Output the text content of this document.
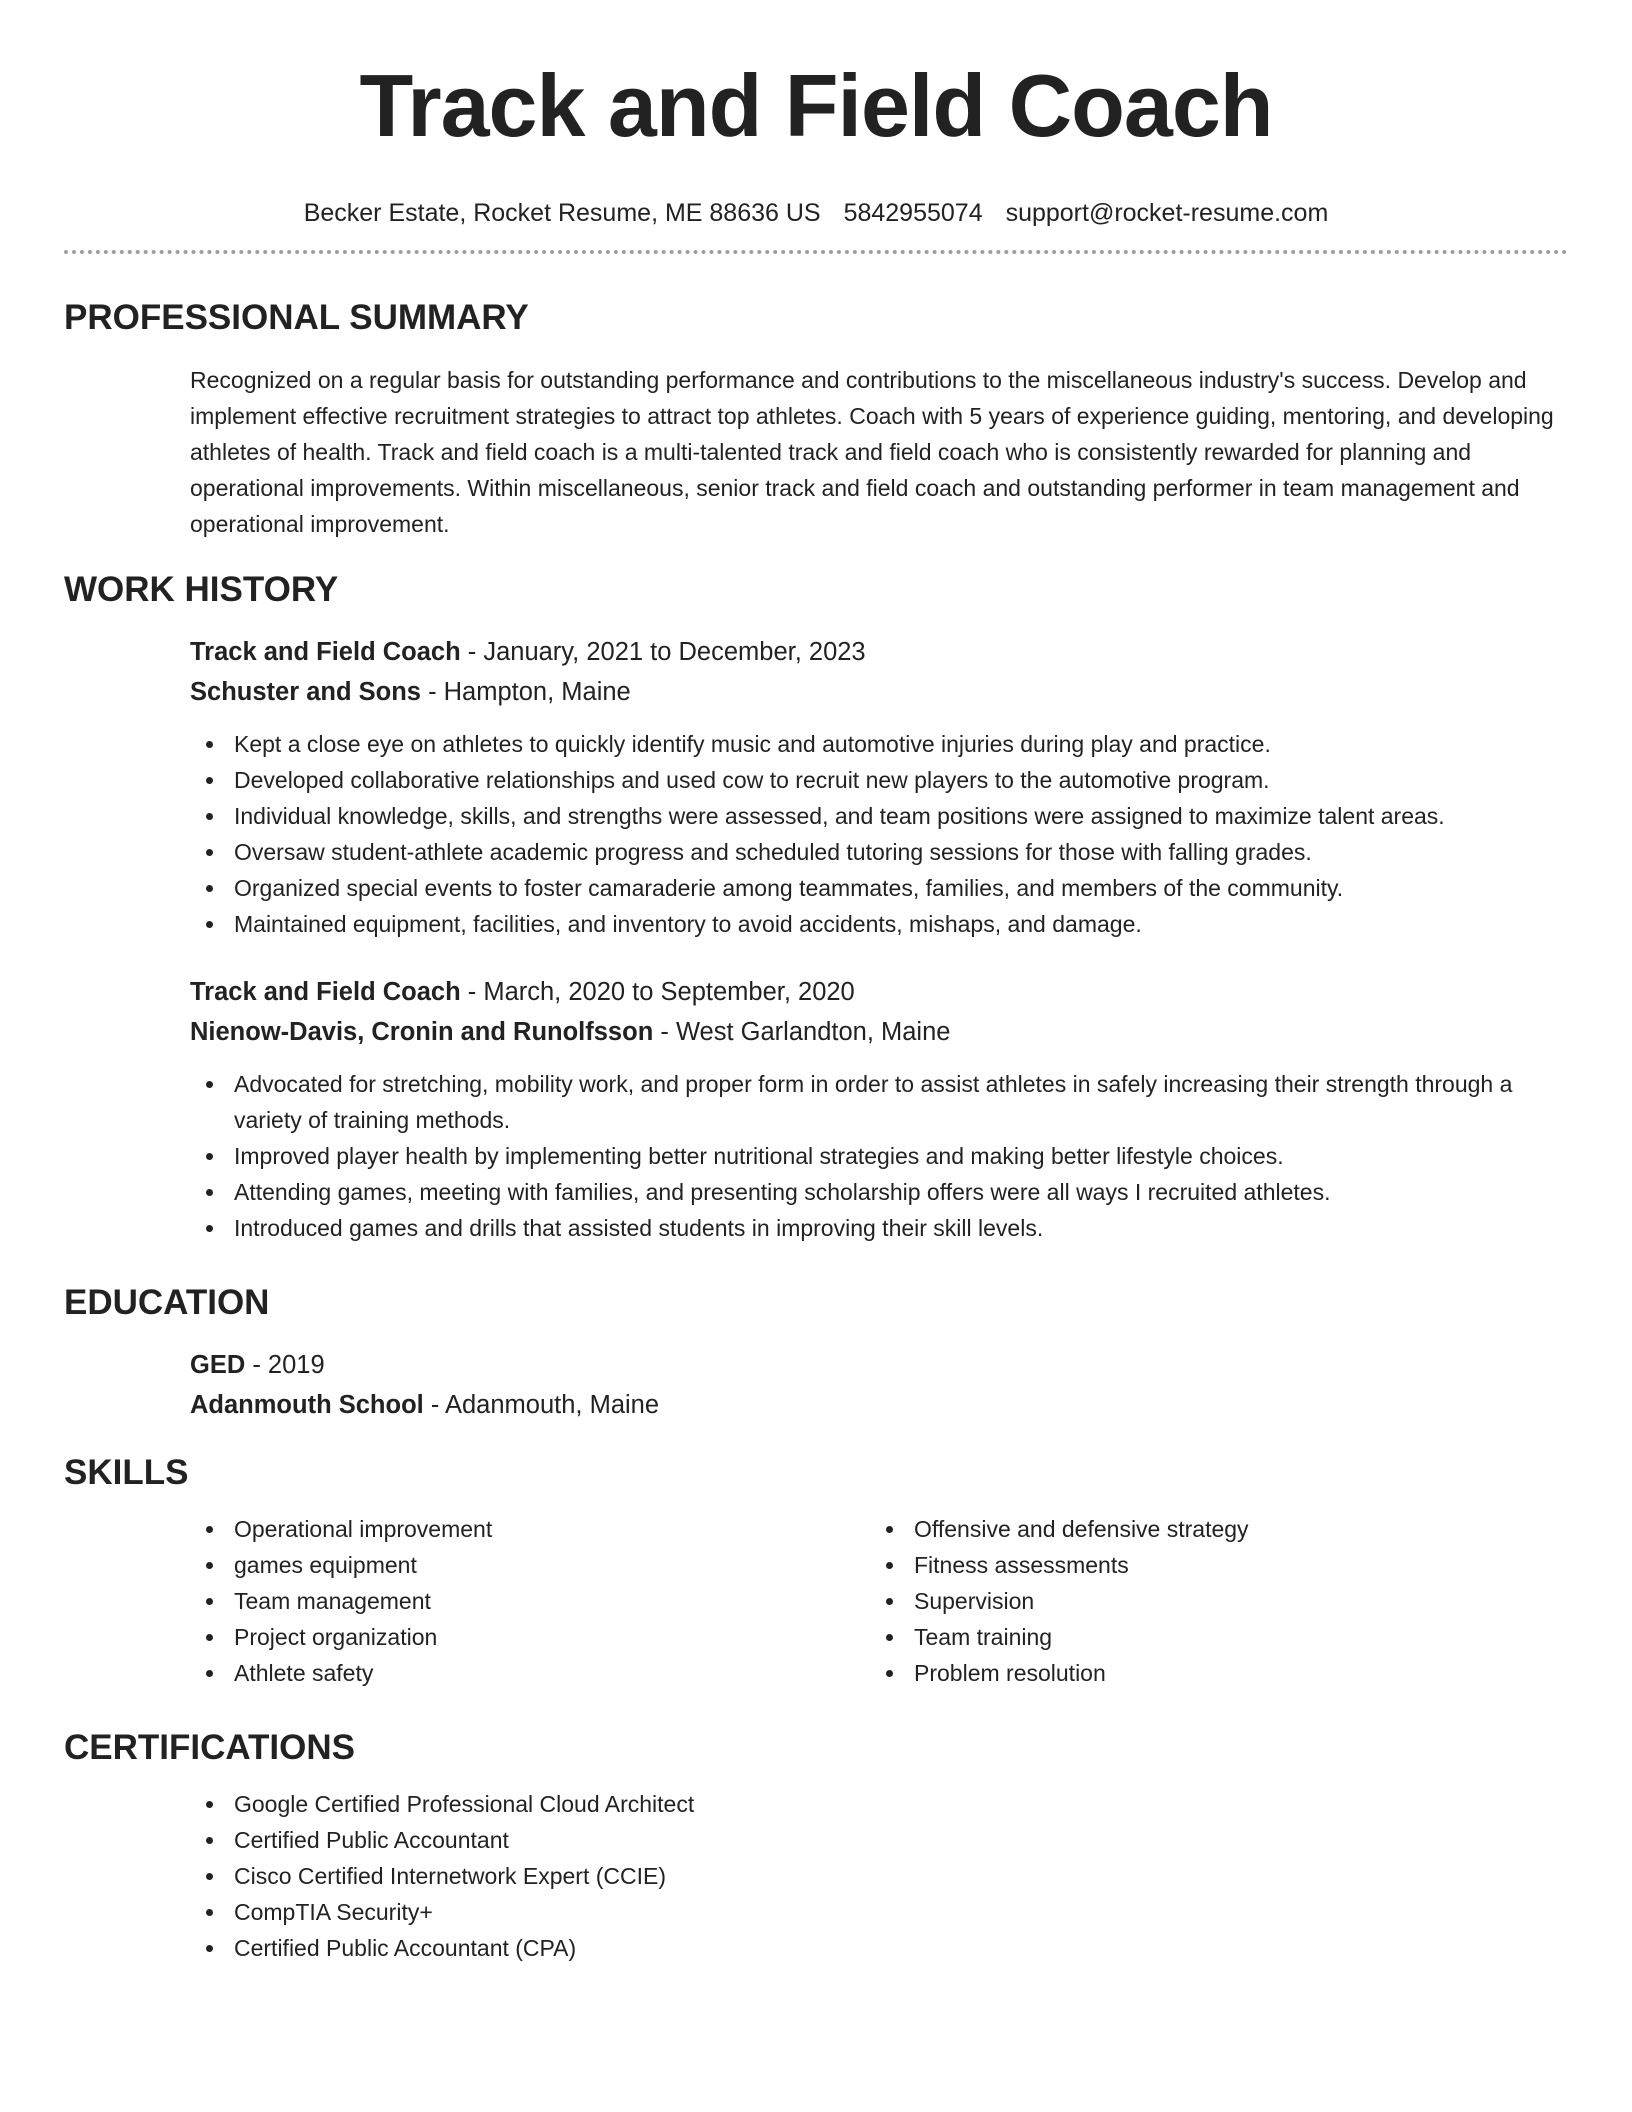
Track and Field Coach
Becker Estate, Rocket Resume, ME 88636 US 5842955074 support@rocket-resume.com
PROFESSIONAL SUMMARY
Recognized on a regular basis for outstanding performance and contributions to the miscellaneous industry's success. Develop and implement effective recruitment strategies to attract top athletes. Coach with 5 years of experience guiding, mentoring, and developing athletes of health. Track and field coach is a multi-talented track and field coach who is consistently rewarded for planning and operational improvements. Within miscellaneous, senior track and field coach and outstanding performer in team management and operational improvement.
WORK HISTORY
Track and Field Coach - January, 2021 to December, 2023
Schuster and Sons - Hampton, Maine
Kept a close eye on athletes to quickly identify music and automotive injuries during play and practice.
Developed collaborative relationships and used cow to recruit new players to the automotive program.
Individual knowledge, skills, and strengths were assessed, and team positions were assigned to maximize talent areas.
Oversaw student-athlete academic progress and scheduled tutoring sessions for those with falling grades.
Organized special events to foster camaraderie among teammates, families, and members of the community.
Maintained equipment, facilities, and inventory to avoid accidents, mishaps, and damage.
Track and Field Coach - March, 2020 to September, 2020
Nienow-Davis, Cronin and Runolfsson - West Garlandton, Maine
Advocated for stretching, mobility work, and proper form in order to assist athletes in safely increasing their strength through a variety of training methods.
Improved player health by implementing better nutritional strategies and making better lifestyle choices.
Attending games, meeting with families, and presenting scholarship offers were all ways I recruited athletes.
Introduced games and drills that assisted students in improving their skill levels.
EDUCATION
GED - 2019
Adanmouth School - Adanmouth, Maine
SKILLS
Operational improvement
games equipment
Team management
Project organization
Athlete safety
Offensive and defensive strategy
Fitness assessments
Supervision
Team training
Problem resolution
CERTIFICATIONS
Google Certified Professional Cloud Architect
Certified Public Accountant
Cisco Certified Internetwork Expert (CCIE)
CompTIA Security+
Certified Public Accountant (CPA)
